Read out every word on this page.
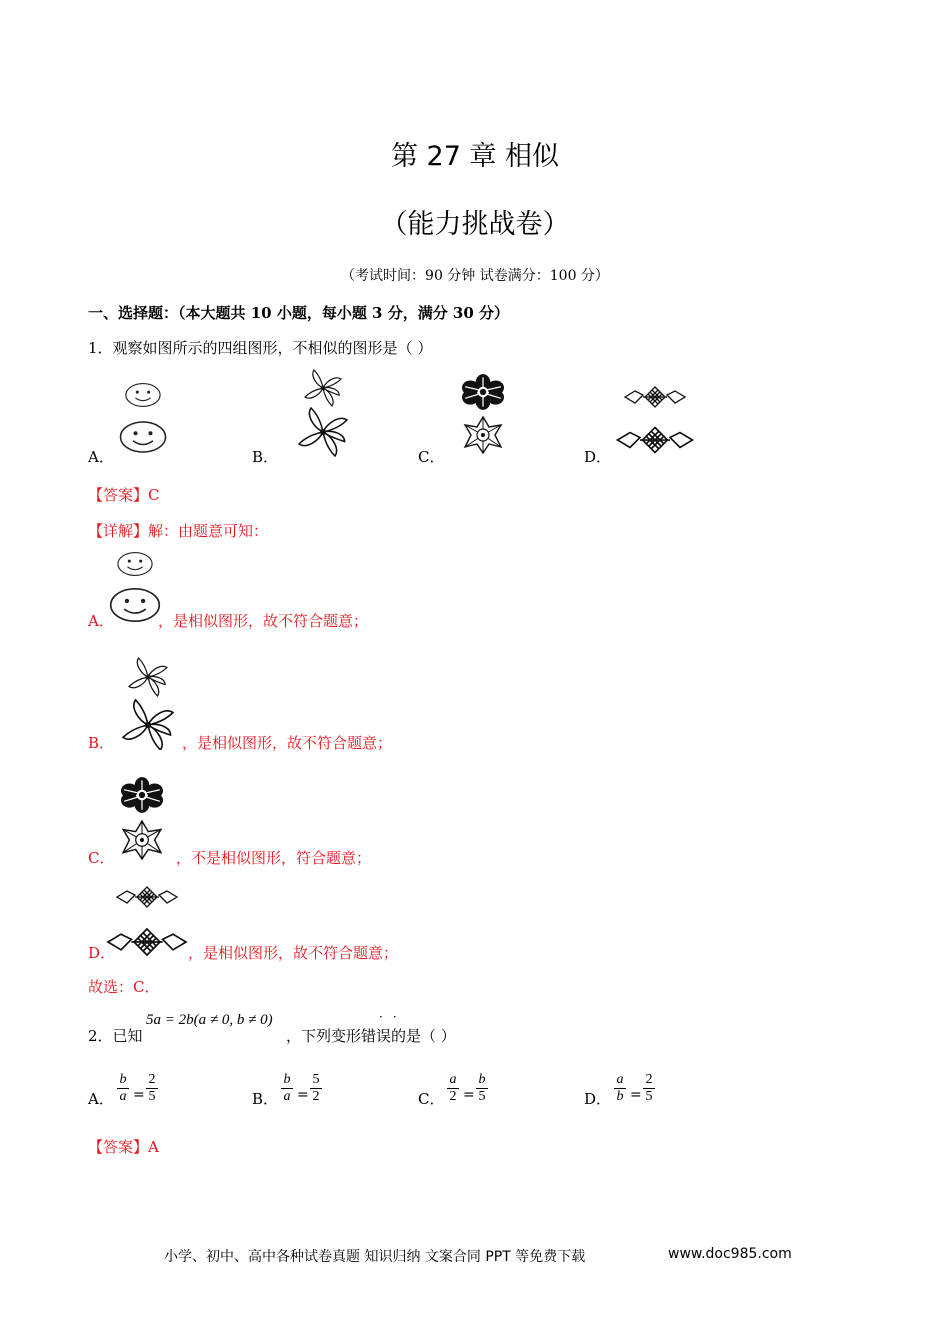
第 27 章 相似
（能力挑战卷）
（考试时间：90 分钟 试卷满分：100 分）
一、选择题：（本大题共 10 小题，每小题 3 分，满分 30 分）
1．观察如图所示的四组图形，不相似的图形是（ ）
A．	B．	C．	D．
【答案】C
【详解】解：由题意可知：
A．	，是相似图形，故不符合题意；
B．	，是相似图形，故不符合题意；
C．	，不是相似图形，符合题意；
D．	，是相似图形，故不符合题意；
故选：C．
2．已知
5a = 2b(a ≠ 0, b ≠ 0)
，下列变形错误的是（ ）
··
A．
b
a =
2
5	B．
b
a =
5
2	C．
a
2 =
b
5	D．
a
b =
2
5
【答案】A
小学、初中、高中各种试卷真题 知识归纳 文案合同 PPT 等免费下载	www.doc985.com
